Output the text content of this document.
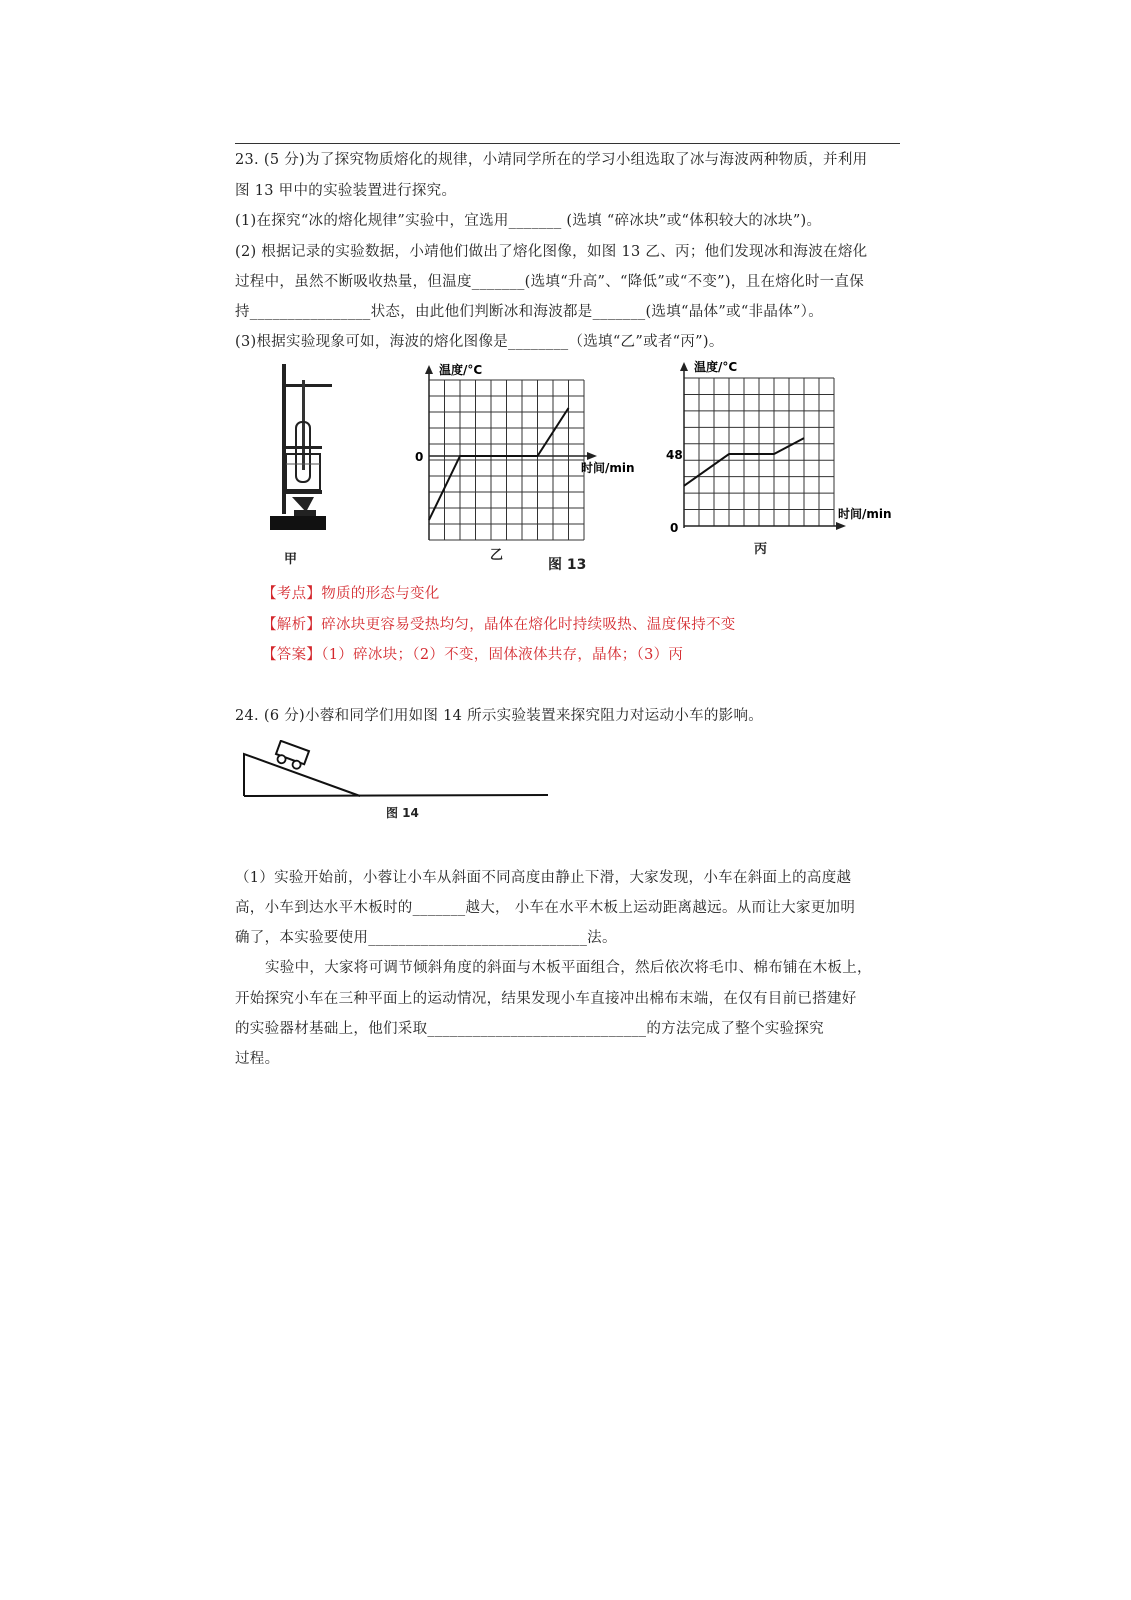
23. (5 分)为了探究物质熔化的规律，小靖同学所在的学习小组选取了冰与海波两种物质，并利用
图 13 甲中的实验装置进行探究。
(1)在探究“冰的熔化规律”实验中，宜选用_______ (选填 “碎冰块”或“体积较大的冰块”)。
(2) 根据记录的实验数据，小靖他们做出了熔化图像，如图 13 乙、丙；他们发现冰和海波在熔化
过程中，虽然不断吸收热量，但温度_______(选填“升高”、“降低”或“不变”)，且在熔化时一直保
持________________状态，由此他们判断冰和海波都是_______(选填“晶体”或“非晶体”）。
(3)根据实验现象可如，海波的熔化图像是________（选填“乙”或者“丙”)。
甲
温度/°C
时间/min
0
乙
图 13
温度/°C
时间/min
48
0
丙
【考点】物质的形态与变化
【解析】碎冰块更容易受热均匀，晶体在熔化时持续吸热、温度保持不变
【答案】（1）碎冰块；（2）不变，固体液体共存，晶体；（3）丙
24. (6 分)小蓉和同学们用如图 14 所示实验装置来探究阻力对运动小车的影响。
图 14
（1）实验开始前，小蓉让小车从斜面不同高度由静止下滑，大家发现，小车在斜面上的高度越
高，小车到达水平木板时的_______越大， 小车在水平木板上运动距离越远。从而让大家更加明
确了，本实验要使用_____________________________法。
实验中，大家将可调节倾斜角度的斜面与木板平面组合，然后依次将毛巾、棉布铺在木板上，
开始探究小车在三种平面上的运动情况，结果发现小车直接冲出棉布末端，在仅有目前已搭建好
的实验器材基础上，他们采取_____________________________的方法完成了整个实验探究
过程。
